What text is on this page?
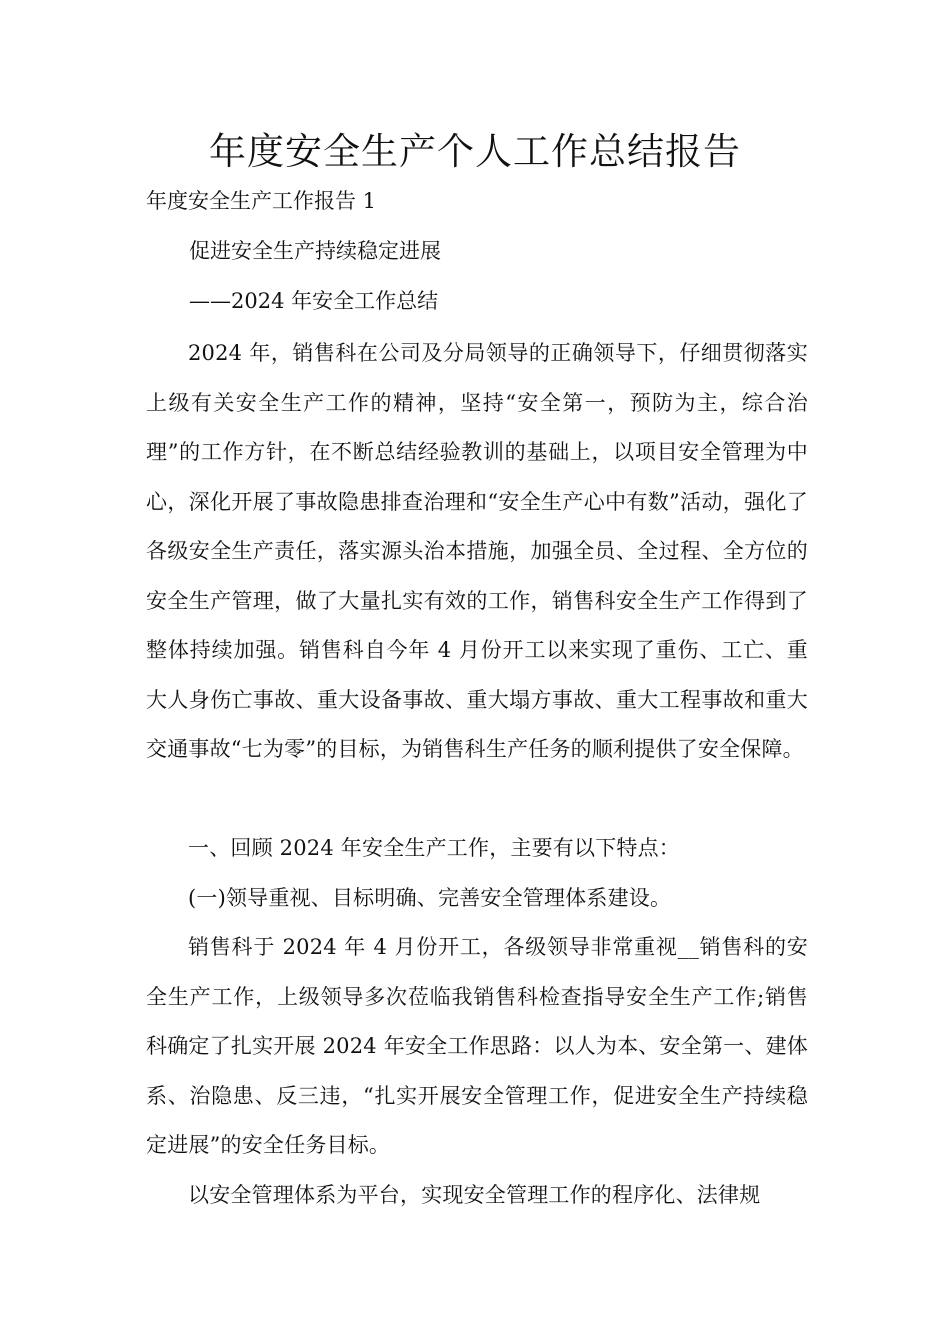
年度安全生产个人工作总结报告

年度安全生产工作报告 1

促进安全生产持续稳定进展

——2024 年安全工作总结

2024 年，销售科在公司及分局领导的正确领导下，仔细贯彻落实上级有关安全生产工作的精神，坚持“安全第一，预防为主，综合治理”的工作方针，在不断总结经验教训的基础上，以项目安全管理为中心，深化开展了事故隐患排查治理和“安全生产心中有数”活动，强化了各级安全生产责任，落实源头治本措施，加强全员、全过程、全方位的安全生产管理，做了大量扎实有效的工作，销售科安全生产工作得到了整体持续加强。销售科自今年 4 月份开工以来实现了重伤、工亡、重大人身伤亡事故、重大设备事故、重大塌方事故、重大工程事故和重大交通事故“七为零”的目标，为销售科生产任务的顺利提供了安全保障。

一、回顾 2024 年安全生产工作，主要有以下特点：

(一)领导重视、目标明确、完善安全管理体系建设。

销售科于 2024 年 4 月份开工，各级领导非常重视__销售科的安全生产工作，上级领导多次莅临我销售科检查指导安全生产工作;销售科确定了扎实开展 2024 年安全工作思路：以人为本、安全第一、建体系、治隐患、反三违，“扎实开展安全管理工作，促进安全生产持续稳定进展”的安全任务目标。

以安全管理体系为平台，实现安全管理工作的程序化、法律规
